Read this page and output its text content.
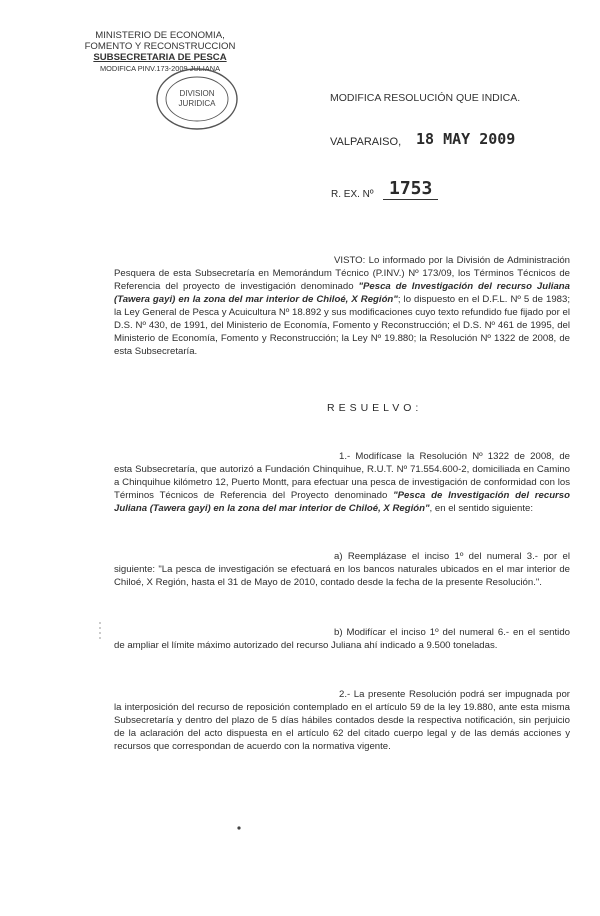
MINISTERIO DE ECONOMIA,
FOMENTO Y RECONSTRUCCION
SUBSECRETARIA DE PESCA
MODIFICA PINV.173-2009 JULIANA
DIVISION
JURIDICA	MODIFICA RESOLUCIÓN QUE INDICA.
VALPARAISO, 18 MAY 2009
R. EX. Nº 1753

VISTO: Lo informado por la División de Administración Pesquera de esta Subsecretaría en Memorándum Técnico (P.INV.) Nº 173/09, los Términos Técnicos de Referencia del proyecto de investigación denominado "Pesca de Investigación del recurso Juliana (Tawera gayi) en la zona del mar interior de Chiloé, X Región"; lo dispuesto en el D.F.L. Nº 5 de 1983; la Ley General de Pesca y Acuicultura Nº 18.892 y sus modificaciones cuyo texto refundido fue fijado por el D.S. Nº 430, de 1991, del Ministerio de Economía, Fomento y Reconstrucción; el D.S. Nº 461 de 1995, del Ministerio de Economía, Fomento y Reconstrucción; la Ley Nº 19.880; la Resolución Nº 1322 de 2008, de esta Subsecretaría.

RESUELVO:

1.- Modifícase la Resolución Nº 1322 de 2008, de esta Subsecretaría, que autorizó a Fundación Chinquihue, R.U.T. Nº 71.554.600-2, domiciliada en Camino a Chinquihue kilómetro 12, Puerto Montt, para efectuar una pesca de investigación de conformidad con los Términos Técnicos de Referencia del Proyecto denominado "Pesca de Investigación del recurso Juliana (Tawera gayi) en la zona del mar interior de Chiloé, X Región", en el sentido siguiente:

a) Reemplázase el inciso 1º del numeral 3.- por el siguiente: "La pesca de investigación se efectuará en los bancos naturales ubicados en el mar interior de Chiloé, X Región, hasta el 31 de Mayo de 2010, contado desde la fecha de la presente Resolución.".

b) Modifícar el inciso 1º del numeral 6.- en el sentido de ampliar el límite máximo autorizado del recurso Juliana ahí indicado a 9.500 toneladas.

2.- La presente Resolución podrá ser impugnada por la interposición del recurso de reposición contemplado en el artículo 59 de la ley 19.880, ante esta misma Subsecretaría y dentro del plazo de 5 días hábiles contados desde la respectiva notificación, sin perjuicio de la aclaración del acto dispuesta en el artículo 62 del citado cuerpo legal y de las demás acciones y recursos que correspondan de acuerdo con la normativa vigente.
